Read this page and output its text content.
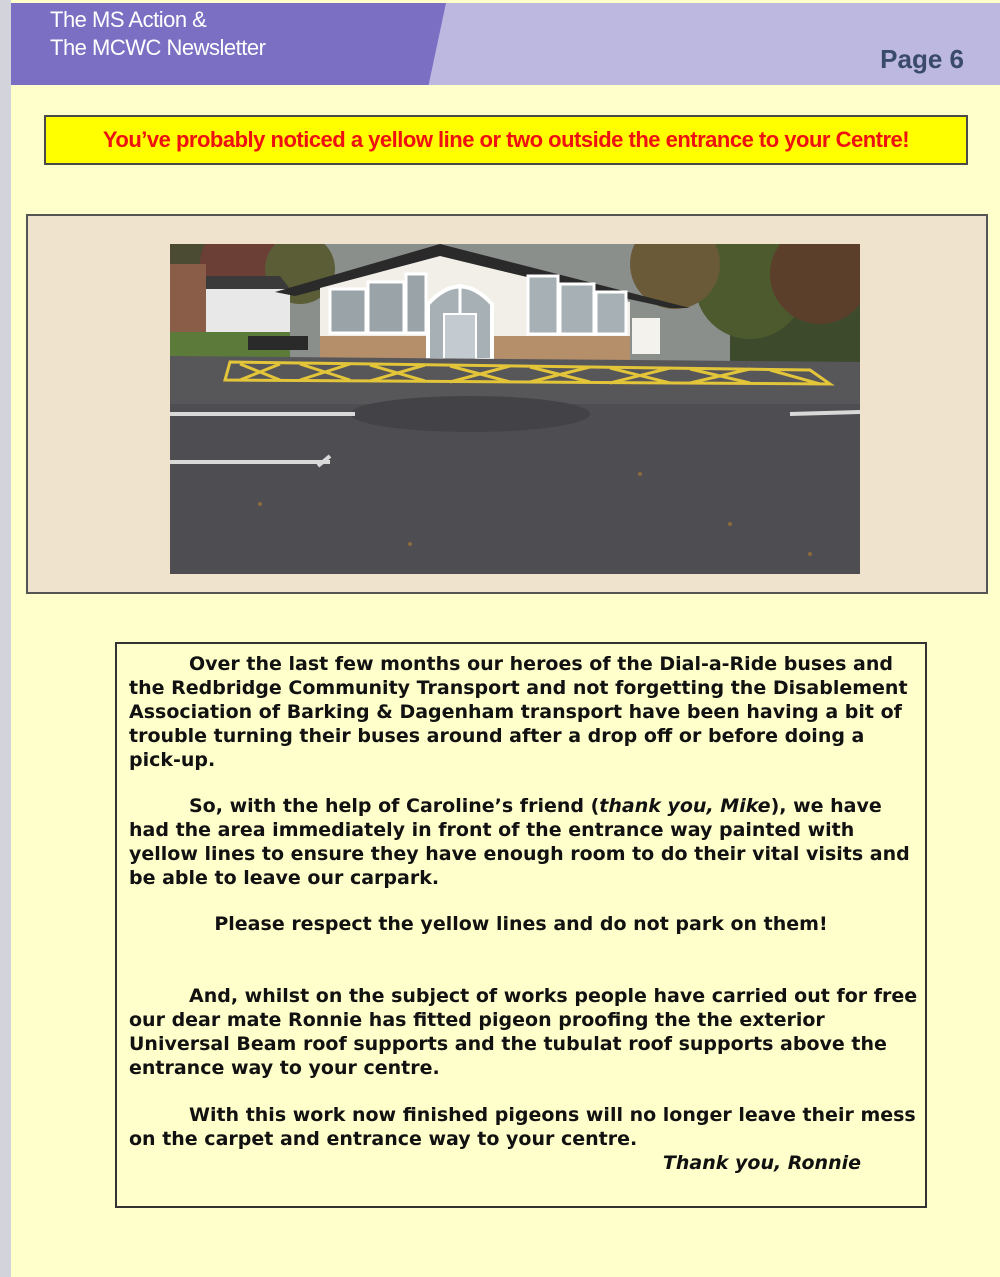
The MS Action &
The MCWC Newsletter	Page 6
You’ve probably noticed a yellow line or two outside the entrance to your Centre!

Over the last few months our heroes of the Dial-a-Ride buses and the Redbridge Community Transport and not forgetting the Disablement Association of Barking & Dagenham transport have been having a bit of trouble turning their buses around after a drop off or before doing a pick-up.

So, with the help of Caroline’s friend (thank you, Mike), we have had the area immediately in front of the entrance way painted with yellow lines to ensure they have enough room to do their vital visits and be able to leave our carpark.

Please respect the yellow lines and do not park on them!

And, whilst on the subject of works people have carried out for free our dear mate Ronnie has fitted pigeon proofing the the exterior Universal Beam roof supports and the tubulat roof supports above the entrance way to your centre.

With this work now finished pigeons will no longer leave their mess on the carpet and entrance way to your centre.

Thank you, Ronnie
